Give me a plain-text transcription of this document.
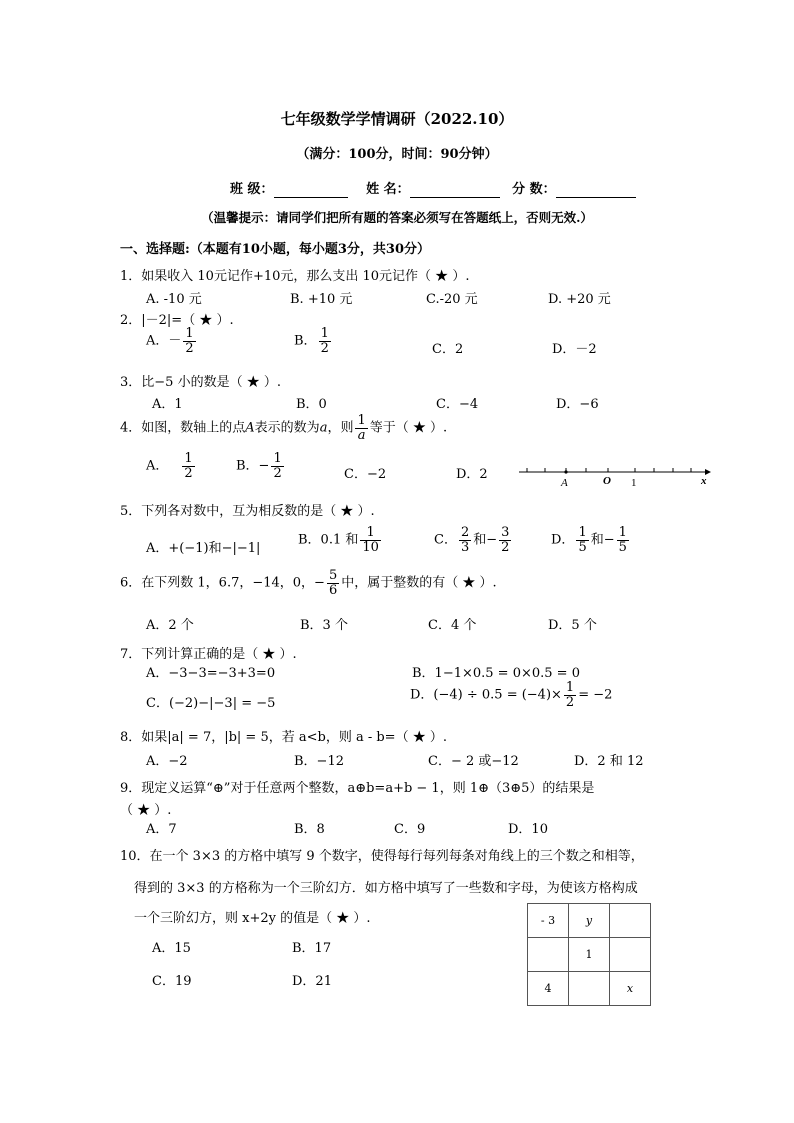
七年级数学学情调研（2022.10）
（满分：100分，时间：90分钟）
班 级：	姓 名：	分 数：
（温馨提示：请同学们把所有题的答案必须写在答题纸上，否则无效.）
一、选择题:（本题有10小题，每小题3分，共30分）
1．如果收入 10元记作+10元，那么支出 10元记作（ ★ ）.
A. -10 元	B. +10 元	C.-20 元	D. +20 元
2．|－2|=（ ★ ）.
A．－ $\frac{1}{2}$	B． $\frac{1}{2}$	C．2	D．－2
3．比−5 小的数是（ ★ ）.
A．1	B．0	C．−4	D．−6
4．如图，数轴上的点A表示的数为a，则 $\frac{1}{a}$ 等于（ ★ ）.
A． $\frac{1}{2}$	B．− $\frac{1}{2}$	C．−2	D．2
A	O 1	x
5．下列各对数中，互为相反数的是（ ★ ）.
A．+(−1)和−|−1|
B．0.1 和 $\frac{1}{10}$	C． $\frac{2}{3}$ 和− $\frac{3}{2}$	D． $\frac{1}{5}$ 和− $\frac{1}{5}$
6．在下列数 1，6.7，−14，0，− $\frac{5}{6}$ 中，属于整数的有（ ★ ）.
A．2 个	B．3 个	C．4 个	D．5 个
7．下列计算正确的是（ ★ ）.
A．−3−3=−3+3=0	B．1−1×0.5 = 0×0.5 = 0
C．(−2)−|−3| = −5
D．$(-4) \div 0.5 = (-4)\times \frac{1}{2} = -2$
8．如果|a| = 7，|b| = 5，若 a<b，则 a - b=（ ★ ）.
A．−2	B．−12	C．− 2 或−12	D．2 和 12
9．现定义运算“⊕”对于任意两个整数，a⊕b=a+b − 1，则 1⊕（3⊕5）的结果是
（ ★ ）.
A．7	B．8	C．9	D．10
10．在一个 3×3 的方格中填写 9 个数字，使得每行每列每条对角线上的三个数之和相等，
得到的 3×3 的方格称为一个三阶幻方．如方格中填写了一些数和字母，为使该方格构成
一个三阶幻方，则 x+2y 的值是（ ★ ）.
A．15	B．17
C．19	D．21
- 3	y	
	1	
4		x
